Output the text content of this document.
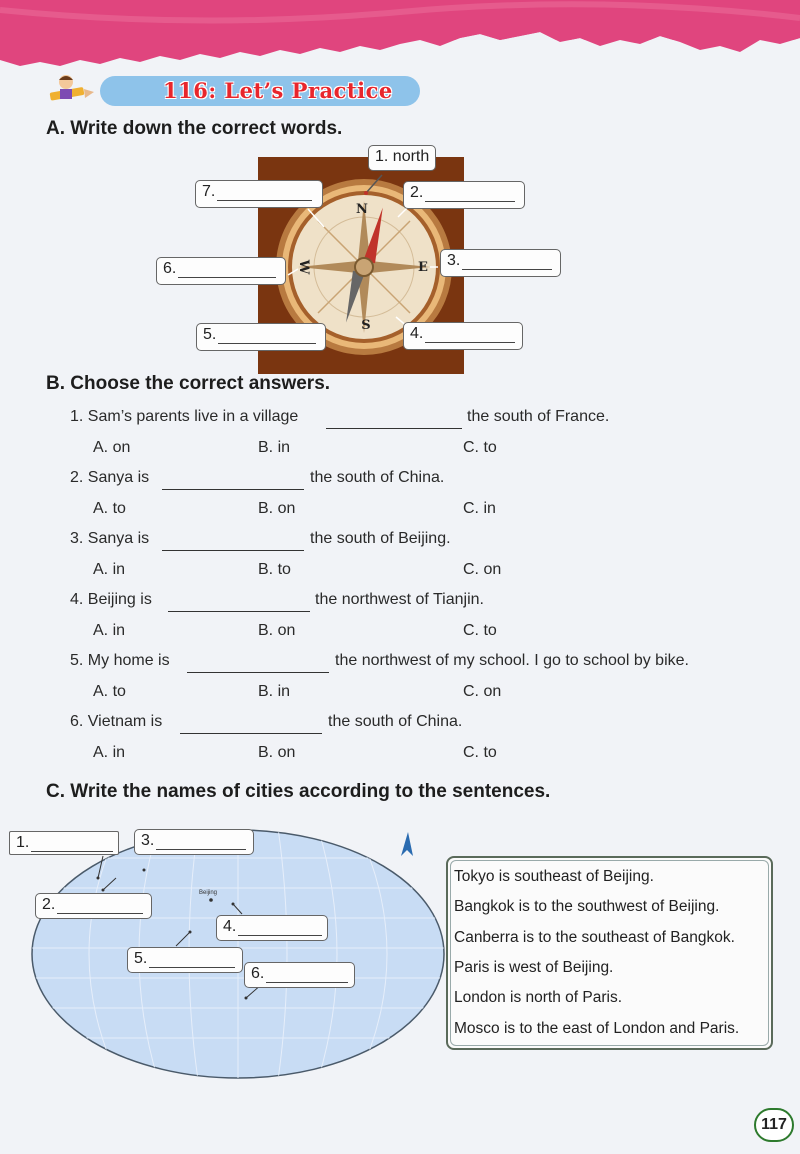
116: Let’s Practice
A. Write down the correct words.
N
S
E
W
1. north
7.	2.
6.	3.
5.	4.
B. Choose the correct answers.
1. Sam’s parents live in a village	the south of France.
A. on	B. in	C. to
2. Sanya is	the south of China.
A. to	B. on	C. in
3. Sanya is	the south of Beijing.
A. in	B. to	C. on
4. Beijing is	the northwest of Tianjin.
A. in	B. on	C. to
5. My home is	the northwest of my school. I go to school by bike.
A. to	B. in	C. on
6. Vietnam is	the south of China.
A. in	B. on	C. to
C. Write the names of cities according to the sentences.
Beijing
1.	3.
2.
4.
5.
6.
Tokyo is southeast of Beijing.
Bangkok is to the southwest of Beijing.
Canberra is to the southeast of Bangkok.
Paris is west of Beijing.
London is north of Paris.
Mosco is to the east of London and Paris.
117
